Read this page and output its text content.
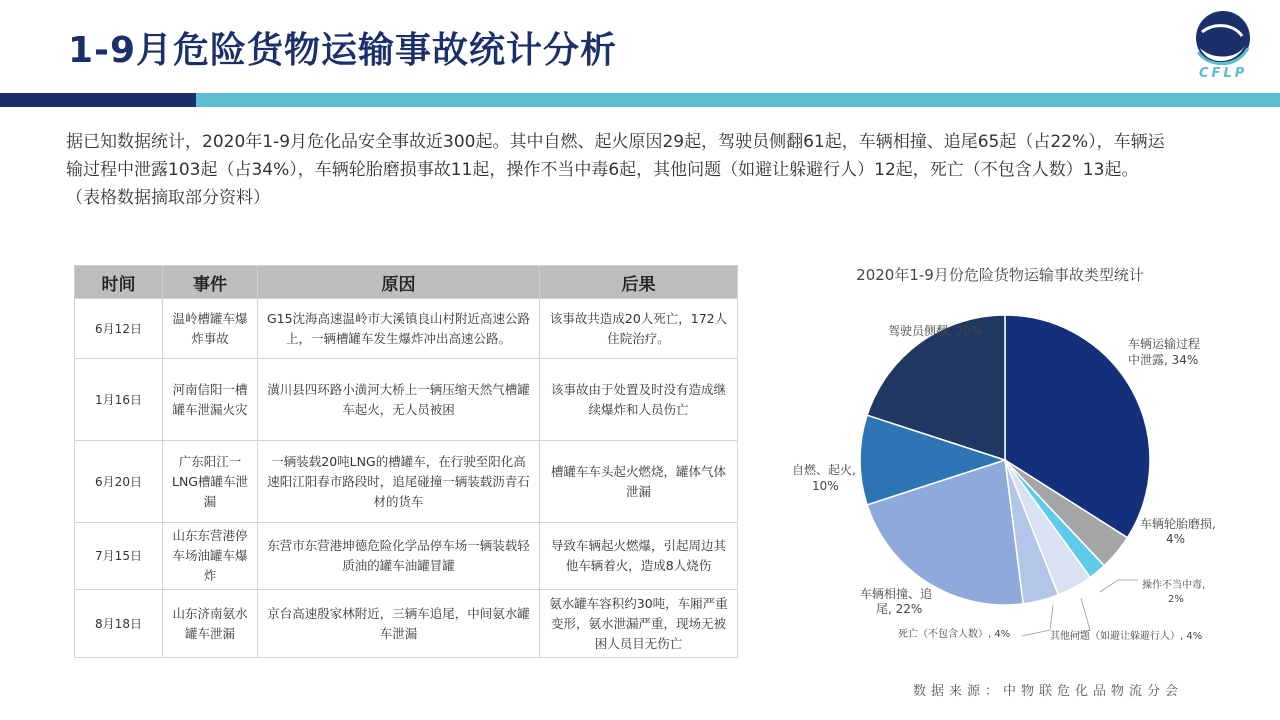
1-9月危险货物运输事故统计分析
CFLP
据已知数据统计，2020年1-9月危化品安全事故近300起。其中自燃、起火原因29起，驾驶员侧翻61起，车辆相撞、追尾65起（占22%），车辆运
输过程中泄露103起（占34%），车辆轮胎磨损事故11起，操作不当中毒6起，其他问题（如避让躲避行人）12起，死亡（不包含人数）13起。
（表格数据摘取部分资料）
时间	事件	原因	后果
6月12日	温岭槽罐车爆炸事故	G15沈海高速温岭市大溪镇良山村附近高速公路上，一辆槽罐车发生爆炸冲出高速公路。	该事故共造成20人死亡，172人住院治疗。
1月16日	河南信阳一槽罐车泄漏火灾	潢川县四环路小潢河大桥上一辆压缩天然气槽罐车起火，无人员被困	该事故由于处置及时没有造成继续爆炸和人员伤亡
6月20日	广东阳江一LNG槽罐车泄漏	一辆装载20吨LNG的槽罐车，在行驶至阳化高速阳江阳春市路段时，追尾碰撞一辆装载沥青石材的货车	槽罐车车头起火燃烧，罐体气体泄漏
7月15日	山东东营港停车场油罐车爆炸	东营市东营港坤德危险化学品停车场一辆装载轻质油的罐车油罐冒罐	导致车辆起火燃爆，引起周边其他车辆着火，造成8人烧伤
8月18日	山东济南氨水罐车泄漏	京台高速殷家林附近，三辆车追尾，中间氨水罐车泄漏	氨水罐车容积约30吨，车厢严重变形，氨水泄漏严重，现场无被困人员目无伤亡
2020年1-9月份危险货物运输事故类型统计
车辆运输过程
中泄露, 34%
车辆轮胎磨损,
4%
操作不当中毒,
2%
其他问题（如避让躲避行人）, 4%
死亡（不包含人数）, 4%
车辆相撞、追
尾, 22%
自燃、起火,
10%
驾驶员侧翻, 20%
数据来源：中物联危化品物流分会
